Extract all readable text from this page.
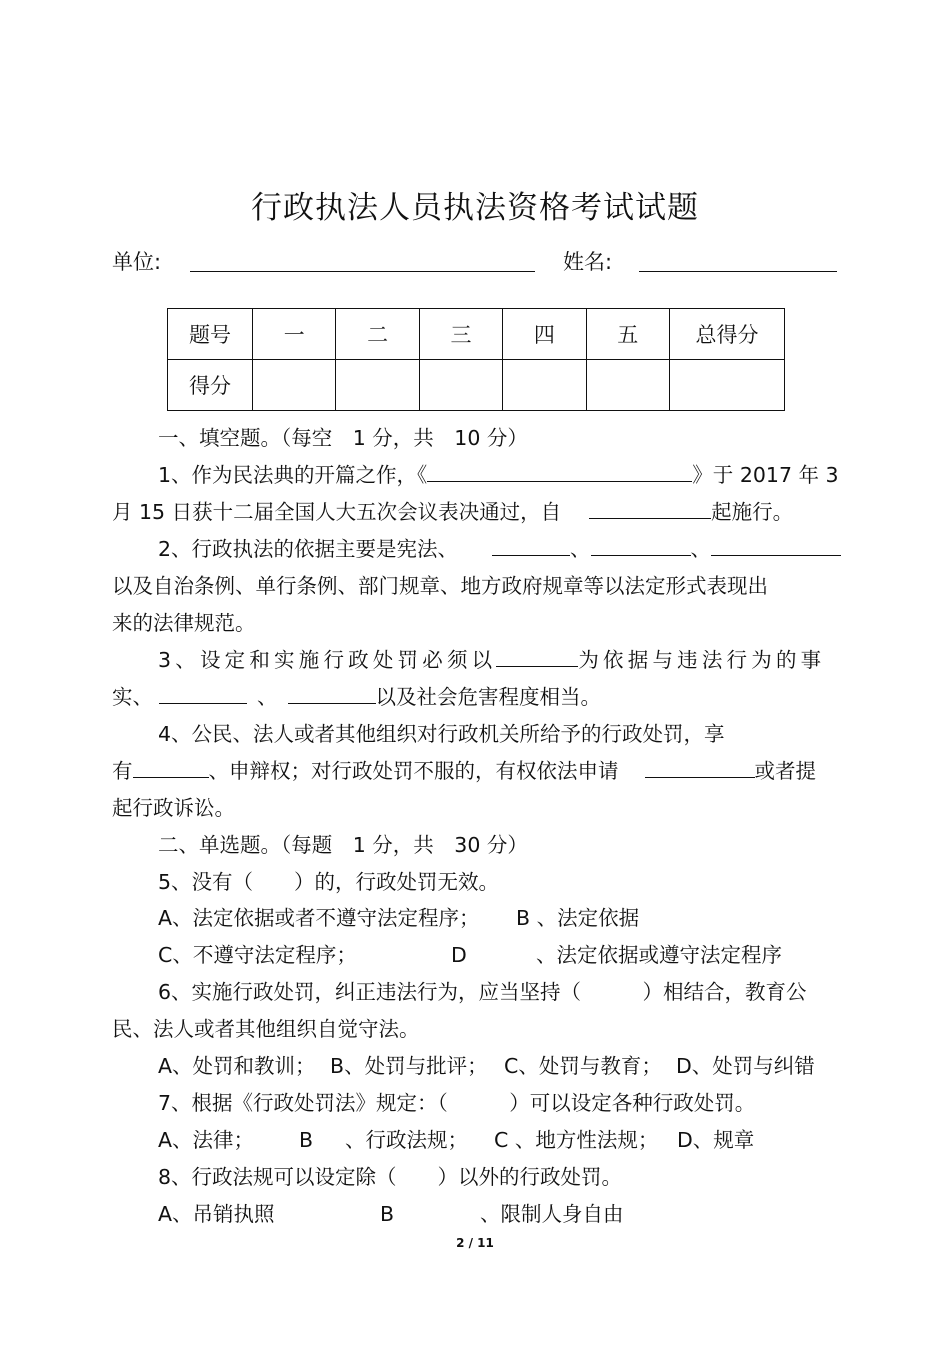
行政执法人员执法资格考试试题
单位:	姓名:
题号	一	二	三	四	五	总得分
得分						
一、填空题。（每空　1 分，共　10 分）
1、作为民法典的开篇之作，《	》于 2017 年 3
月 15 日获十二届全国人大五次会议表决通过，自	起施行。
2、行政执法的依据主要是宪法、	、	、
以及自治条例、单行条例、部门规章、地方政府规章等以法定形式表现出
来的法律规范。
3、设定和实施行政处罚必须以	为依据与违法行为的事
实、	、	以及社会危害程度相当。
4、公民、法人或者其他组织对行政机关所给予的行政处罚，享
有	、申辩权；对行政处罚不服的，有权依法申请	或者提
起行政诉讼。
二、单选题。（每题　1 分，共　30 分）
5、没有（　　）的，行政处罚无效。
A、法定依据或者不遵守法定程序； B 、法定依据
C、不遵守法定程序；	D	、法定依据或遵守法定程序
6、实施行政处罚，纠正违法行为，应当坚持（　　　）相结合，教育公
民、法人或者其他组织自觉守法。
A、处罚和教训； B、处罚与批评； C、处罚与教育； D、处罚与纠错
7、根据《行政处罚法》规定：（　　　）可以设定各种行政处罚。
A、法律； B 、行政法规； C 、地方性法规； D、规章
8、行政法规可以设定除（　　）以外的行政处罚。
A、吊销执照	B	、限制人身自由
2 / 11
